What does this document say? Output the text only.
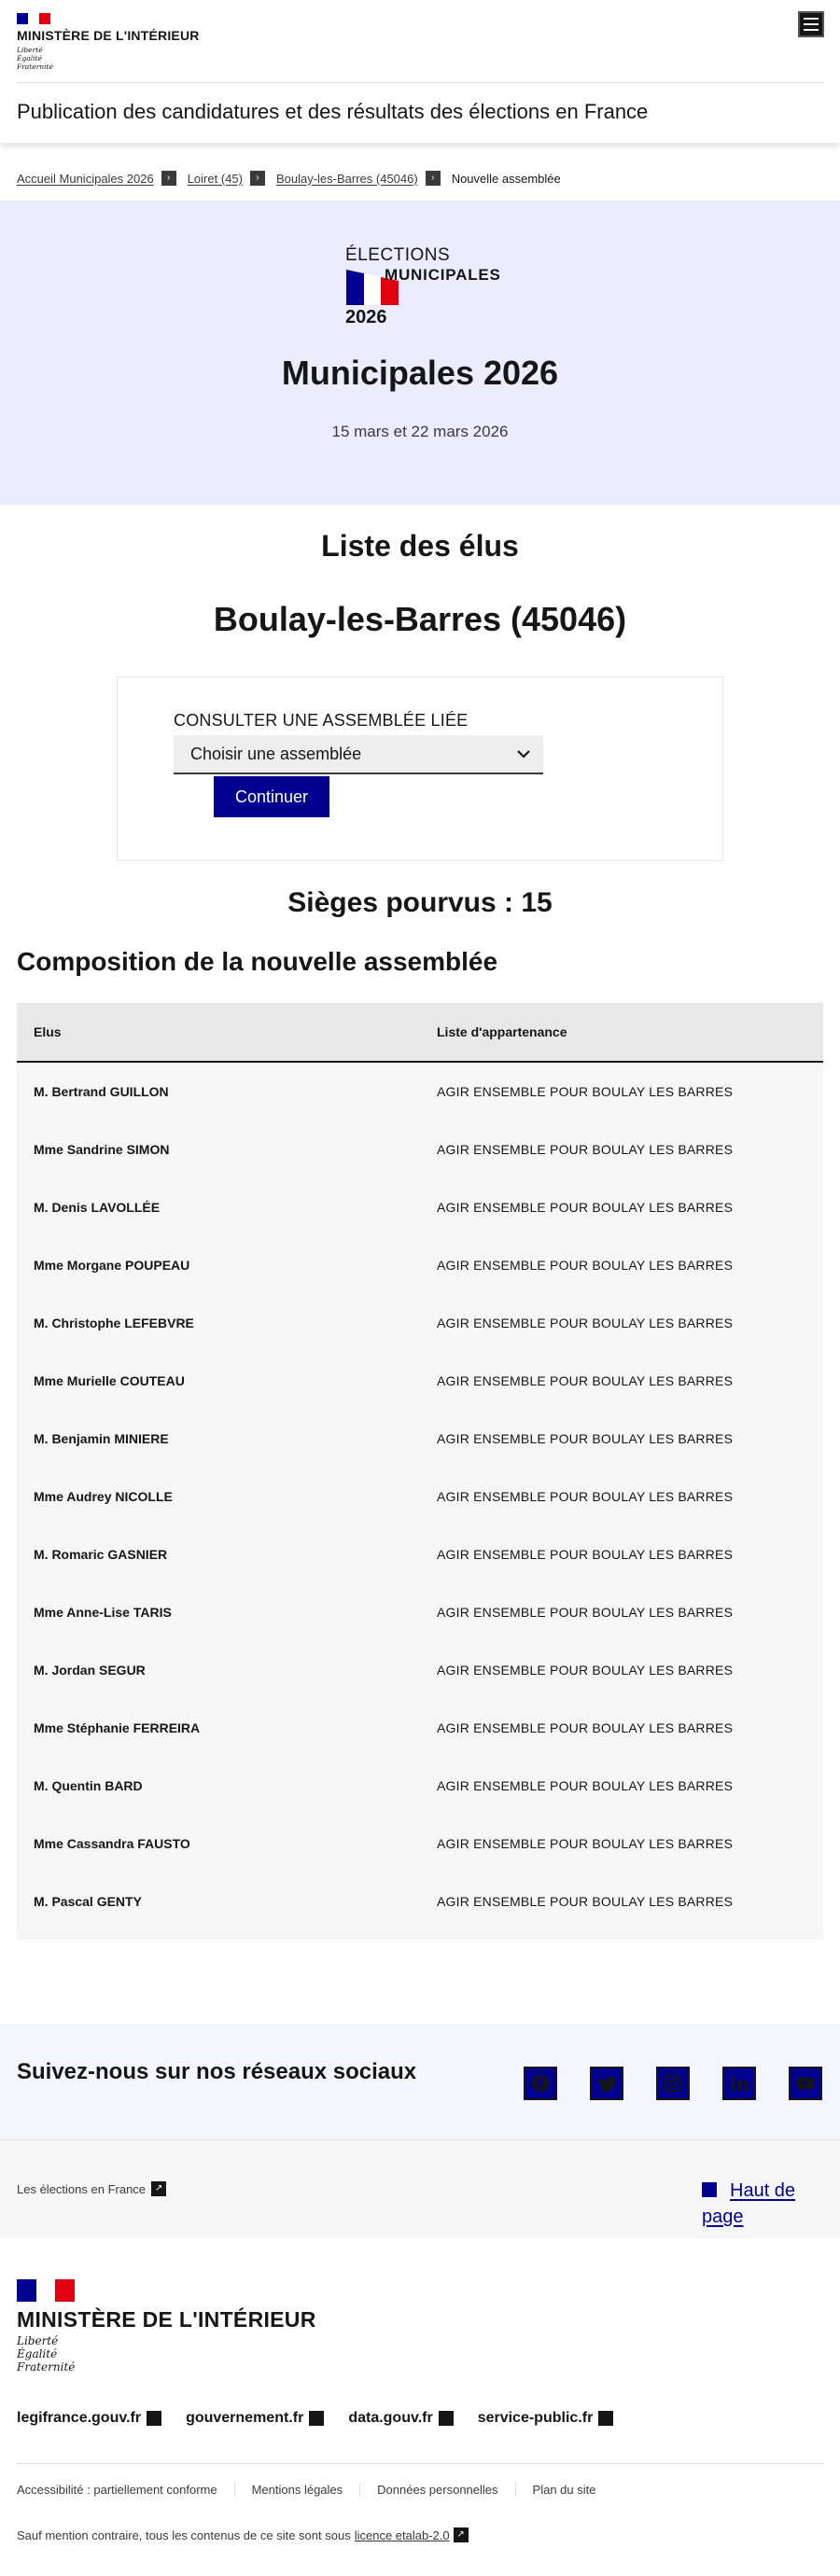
MINISTÈRE DE L'INTÉRIEUR
Liberté
Égalité
Fraternité
Publication des candidatures et des résultats des élections en France
Accueil Municipales 2026	›	Loiret (45)	›	Boulay-les-Barres (45046)	›	Nouvelle assemblée
ÉLECTIONS
MUNICIPALES
2026
Municipales 2026
15 mars et 22 mars 2026
Liste des élus
Boulay-les-Barres (45046)
CONSULTER UNE ASSEMBLÉE LIÉE
Choisir une assemblée
Continuer
Sièges pourvus : 15
Composition de la nouvelle assemblée
Elus	Liste d'appartenance
M. Bertrand GUILLON	AGIR ENSEMBLE POUR BOULAY LES BARRES
Mme Sandrine SIMON	AGIR ENSEMBLE POUR BOULAY LES BARRES
M. Denis LAVOLLÉE	AGIR ENSEMBLE POUR BOULAY LES BARRES
Mme Morgane POUPEAU	AGIR ENSEMBLE POUR BOULAY LES BARRES
M. Christophe LEFEBVRE	AGIR ENSEMBLE POUR BOULAY LES BARRES
Mme Murielle COUTEAU	AGIR ENSEMBLE POUR BOULAY LES BARRES
M. Benjamin MINIERE	AGIR ENSEMBLE POUR BOULAY LES BARRES
Mme Audrey NICOLLE	AGIR ENSEMBLE POUR BOULAY LES BARRES
M. Romaric GASNIER	AGIR ENSEMBLE POUR BOULAY LES BARRES
Mme Anne-Lise TARIS	AGIR ENSEMBLE POUR BOULAY LES BARRES
M. Jordan SEGUR	AGIR ENSEMBLE POUR BOULAY LES BARRES
Mme Stéphanie FERREIRA	AGIR ENSEMBLE POUR BOULAY LES BARRES
M. Quentin BARD	AGIR ENSEMBLE POUR BOULAY LES BARRES
Mme Cassandra FAUSTO	AGIR ENSEMBLE POUR BOULAY LES BARRES
M. Pascal GENTY	AGIR ENSEMBLE POUR BOULAY LES BARRES
Suivez-nous sur nos réseaux sociaux
Les élections en France ↗	Haut de page
MINISTÈRE DE L'INTÉRIEUR
Liberté
Égalité
Fraternité
legifrance.gouv.fr	gouvernement.fr	data.gouv.fr	service-public.fr
Accessibilité : partiellement conforme	Mentions légales	Données personnelles	Plan du site
Sauf mention contraire, tous les contenus de ce site sont sous licence etalab-2.0 ↗
